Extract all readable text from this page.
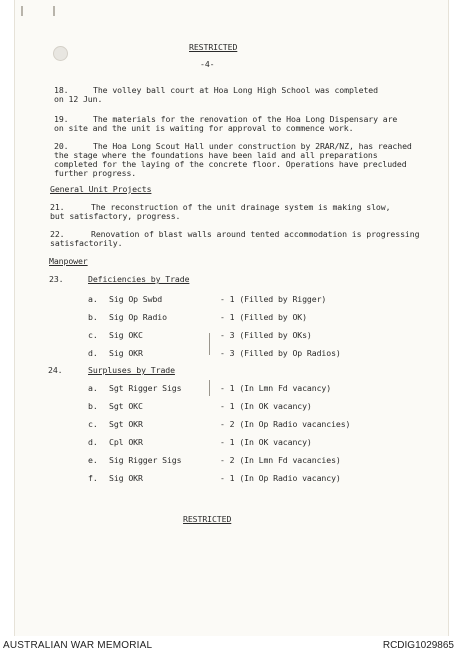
RESTRICTED
-4-
18.	The volley ball court at Hoa Long High School was completed
on 12 Jun.
19.	The materials for the renovation of the Hoa Long Dispensary are
on site and the unit is waiting for approval to commence work.
20.	The Hoa Long Scout Hall under construction by 2RAR/NZ, has reached
the stage where the foundations have been laid and all preparations
completed for the laying of the concrete floor. Operations have precluded
further progress.
General Unit Projects
21.	The reconstruction of the unit drainage system is making slow,
but satisfactory, progress.
22.	Renovation of blast walls around tented accommodation is progressing
satisfactorily.
Manpower
23.	Deficiencies by Trade
a. Sig Op Swbd	- 1 (Filled by Rigger)
b. Sig Op Radio	- 1 (Filled by OK)
c. Sig OKC	- 3 (Filled by OKs)
d. Sig OKR	- 3 (Filled by Op Radios)
24.	Surpluses by Trade
a. Sgt Rigger Sigs	- 1 (In Lmn Fd vacancy)
b. Sgt OKC	- 1 (In OK vacancy)
c. Sgt OKR	- 2 (In Op Radio vacancies)
d. Cpl OKR	- 1 (In OK vacancy)
e. Sig Rigger Sigs	- 2 (In Lmn Fd vacancies)
f. Sig OKR	- 1 (In Op Radio vacancy)
RESTRICTED
AUSTRALIAN WAR MEMORIAL	RCDIG1029865
